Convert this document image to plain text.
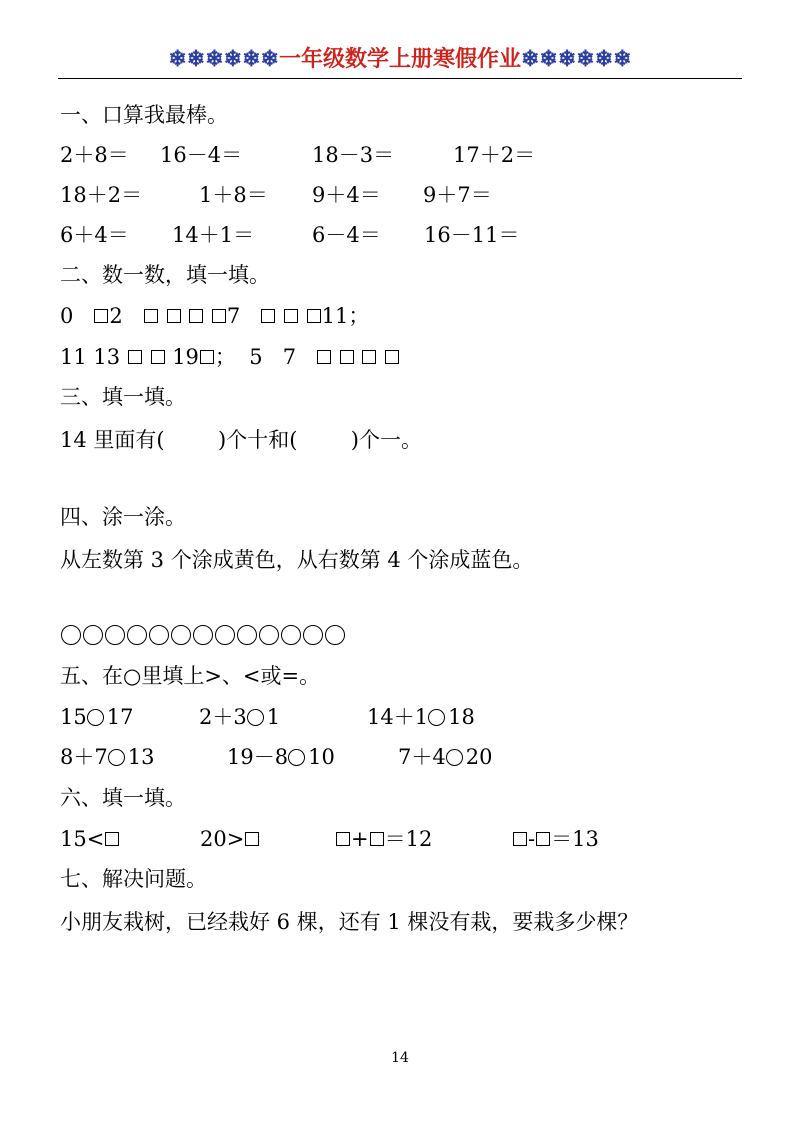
❄❄❄❄❄❄一年级数学上册寒假作业❄❄❄❄❄❄
一、口算我最棒。
2＋8＝ 16－4＝	18－3＝	17＋2＝
18＋2＝	1＋8＝ 9＋4＝ 9＋7＝
6＋4＝ 14＋1＝	6－4＝ 16－11＝
二、数一数，填一填。
0 2	7	11；
11 13 19 ； 5 7
三、填一填。
14 里面有(	)个十和(	)个一。
四、涂一涂。
从左数第 3 个涂成黄色，从右数第 4 个涂成蓝色。
五、在○里填上>、<或=。
15 17	2＋3 1	14＋1 18
8＋7 13	19－8 10	7＋4 20
六、填一填。
15<	20>	+ ＝12	- ＝13
七、解决问题。
小朋友栽树，已经栽好 6 棵，还有 1 棵没有栽，要栽多少棵？
14
